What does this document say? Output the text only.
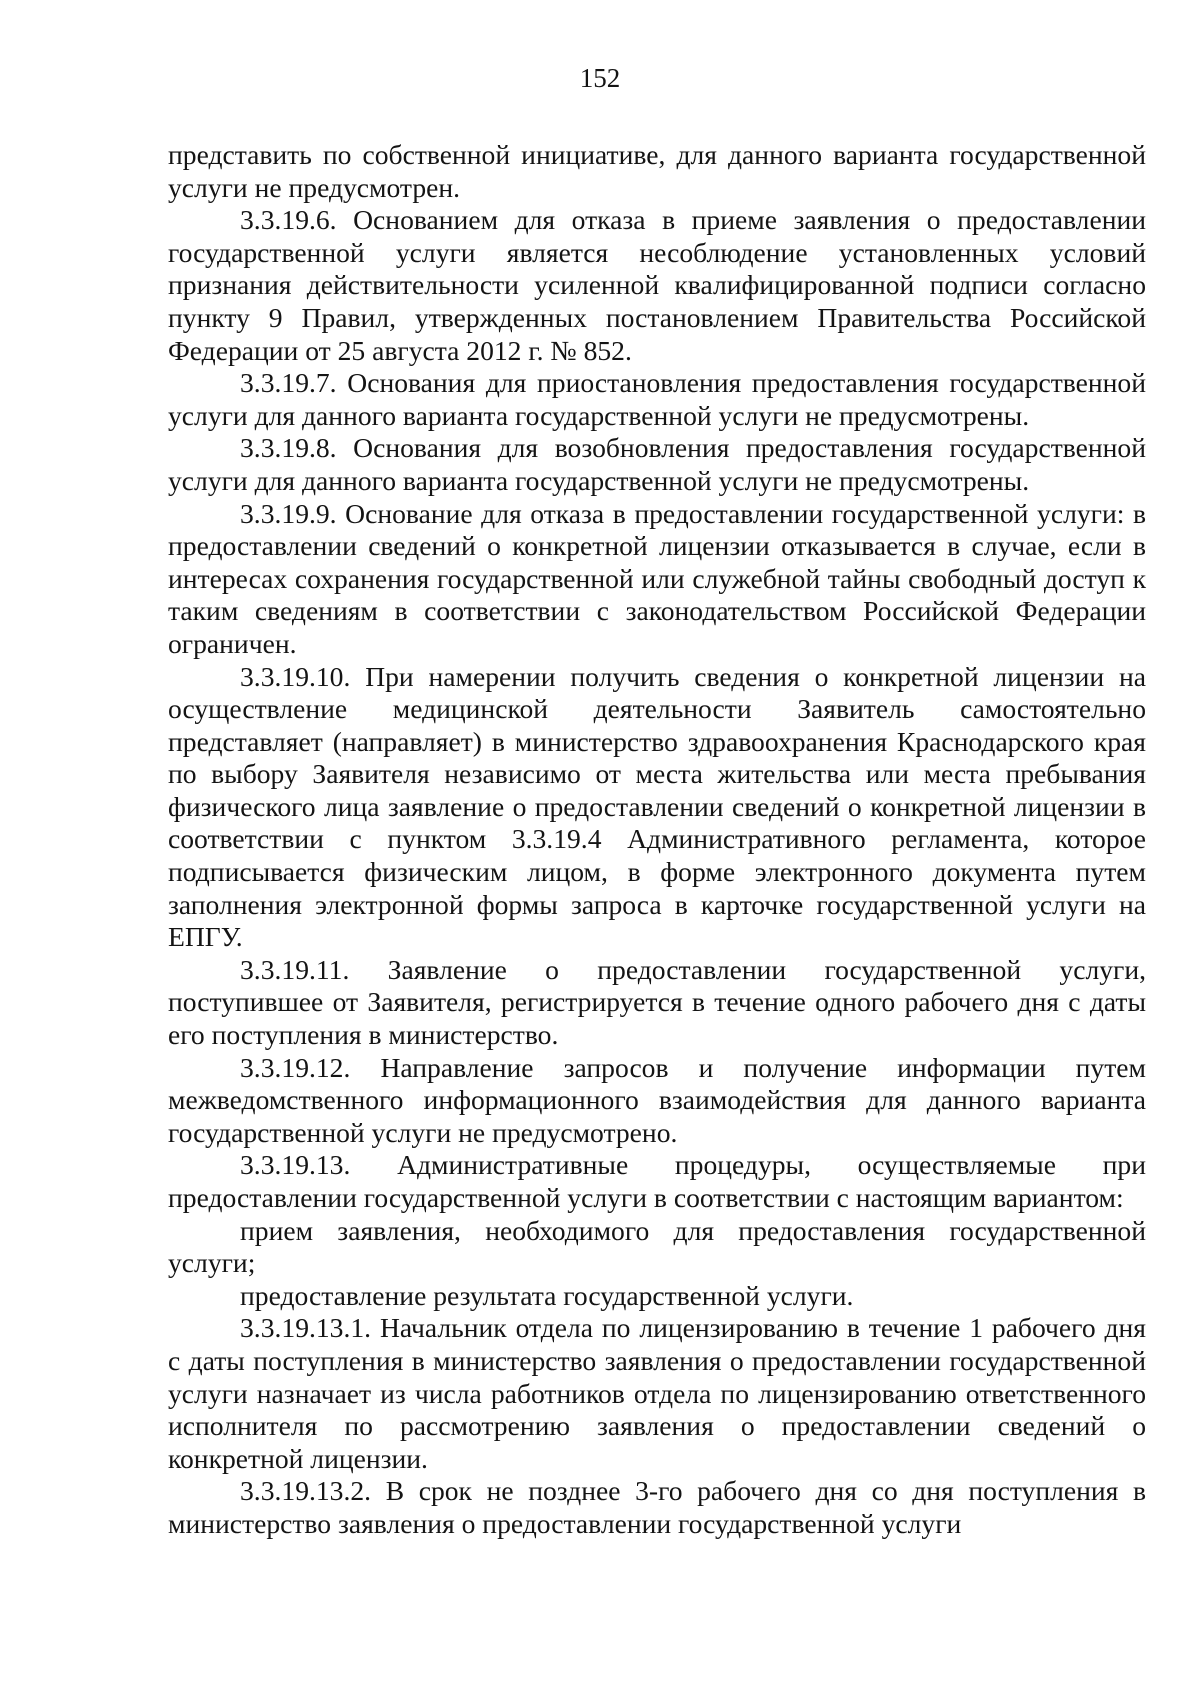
152

представить по собственной инициативе, для данного варианта государственной услуги не предусмотрен.

3.3.19.6. Основанием для отказа в приеме заявления о предоставлении государственной услуги является несоблюдение установленных условий признания действительности усиленной квалифицированной подписи согласно пункту 9 Правил, утвержденных постановлением Правительства Российской Федерации от 25 августа 2012 г. № 852.

3.3.19.7. Основания для приостановления предоставления государственной услуги для данного варианта государственной услуги не предусмотрены.

3.3.19.8. Основания для возобновления предоставления государственной услуги для данного варианта государственной услуги не предусмотрены.

3.3.19.9. Основание для отказа в предоставлении государственной услуги: в предоставлении сведений о конкретной лицензии отказывается в случае, если в интересах сохранения государственной или служебной тайны свободный доступ к таким сведениям в соответствии с законодательством Российской Федерации ограничен.

3.3.19.10. При намерении получить сведения о конкретной лицензии на осуществление медицинской деятельности Заявитель самостоятельно представляет (направляет) в министерство здравоохранения Краснодарского края по выбору Заявителя независимо от места жительства или места пребывания физического лица заявление о предоставлении сведений о конкретной лицензии в соответствии с пунктом 3.3.19.4 Административного регламента, которое подписывается физическим лицом, в форме электронного документа путем заполнения электронной формы запроса в карточке государственной услуги на ЕПГУ.

3.3.19.11. Заявление о предоставлении государственной услуги, поступившее от Заявителя, регистрируется в течение одного рабочего дня с даты его поступления в министерство.

3.3.19.12. Направление запросов и получение информации путем межведомственного информационного взаимодействия для данного варианта государственной услуги не предусмотрено.

3.3.19.13. Административные процедуры, осуществляемые при предоставлении государственной услуги в соответствии с настоящим вариантом:

прием заявления, необходимого для предоставления государственной услуги;

предоставление результата государственной услуги.

3.3.19.13.1. Начальник отдела по лицензированию в течение 1 рабочего дня с даты поступления в министерство заявления о предоставлении государственной услуги назначает из числа работников отдела по лицензированию ответственного исполнителя по рассмотрению заявления о предоставлении сведений о конкретной лицензии.

3.3.19.13.2. В срок не позднее 3-го рабочего дня со дня поступления в министерство заявления о предоставлении государственной услуги
